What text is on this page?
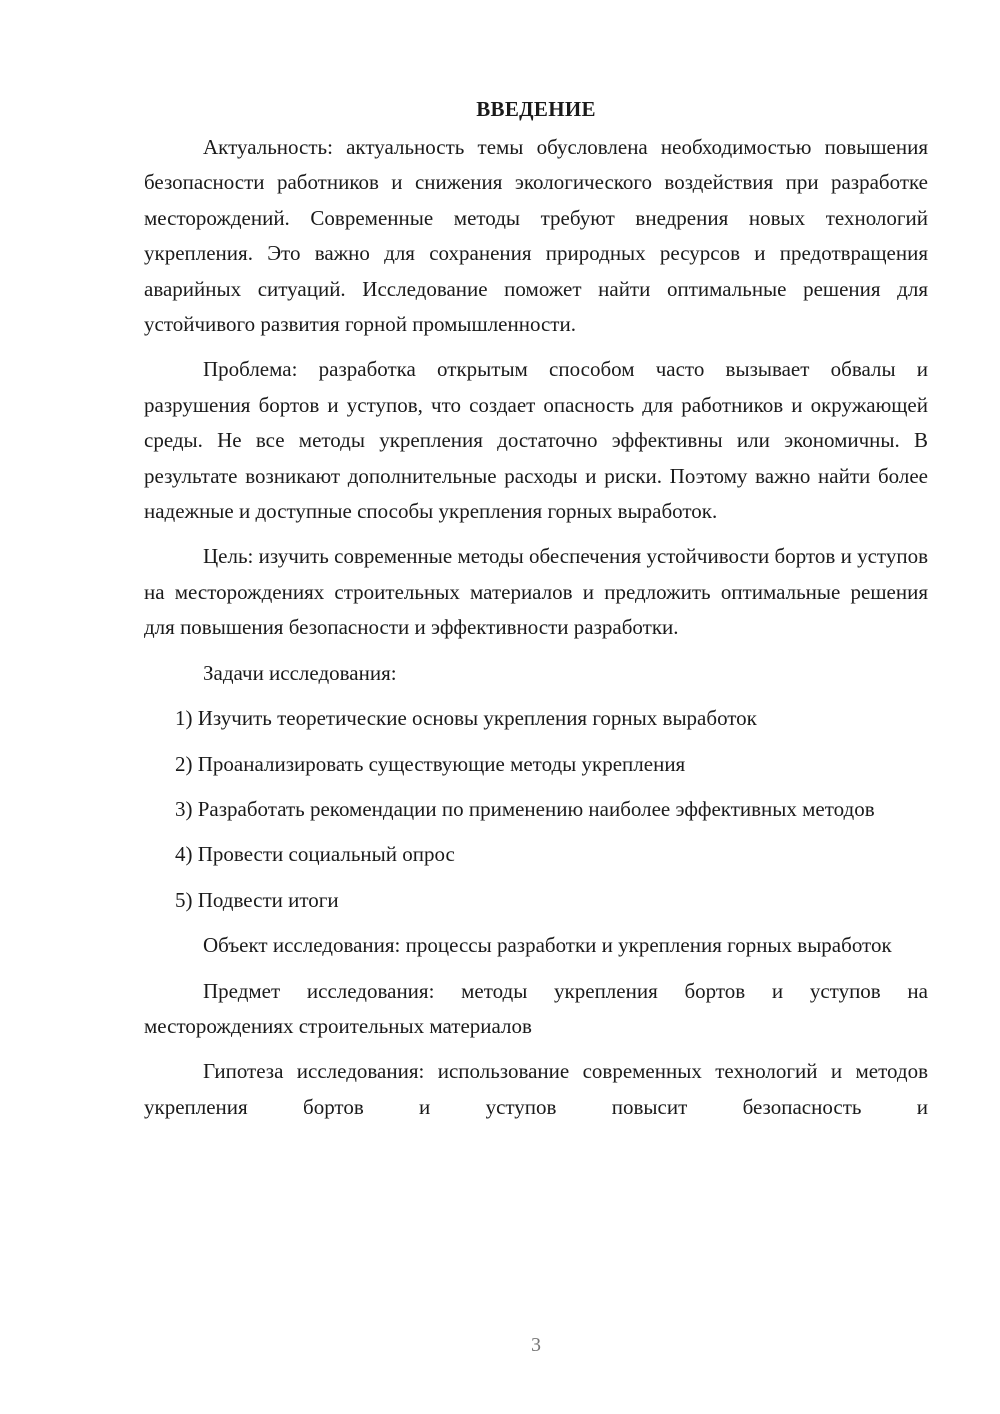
ВВЕДЕНИЕ

Актуальность: актуальность темы обусловлена необходимостью повышения безопасности работников и снижения экологического воздействия при разработке месторождений. Современные методы требуют внедрения новых технологий укрепления. Это важно для сохранения природных ресурсов и предотвращения аварийных ситуаций. Исследование поможет найти оптимальные решения для устойчивого развития горной промышленности.

Проблема: разработка открытым способом часто вызывает обвалы и разрушения бортов и уступов, что создает опасность для работников и окружающей среды. Не все методы укрепления достаточно эффективны или экономичны. В результате возникают дополнительные расходы и риски. Поэтому важно найти более надежные и доступные способы укрепления горных выработок.

Цель: изучить современные методы обеспечения устойчивости бортов и уступов на месторождениях строительных материалов и предложить оптимальные решения для повышения безопасности и эффективности разработки.

Задачи исследования:

1) Изучить теоретические основы укрепления горных выработок

2) Проанализировать существующие методы укрепления

3) Разработать рекомендации по применению наиболее эффективных методов

4) Провести социальный опрос

5) Подвести итоги

Объект исследования: процессы разработки и укрепления горных выработок

Предмет исследования: методы укрепления бортов и уступов на месторождениях строительных материалов

Гипотеза исследования: использование современных технологий и методов укрепления бортов и уступов повысит безопасность и

3
